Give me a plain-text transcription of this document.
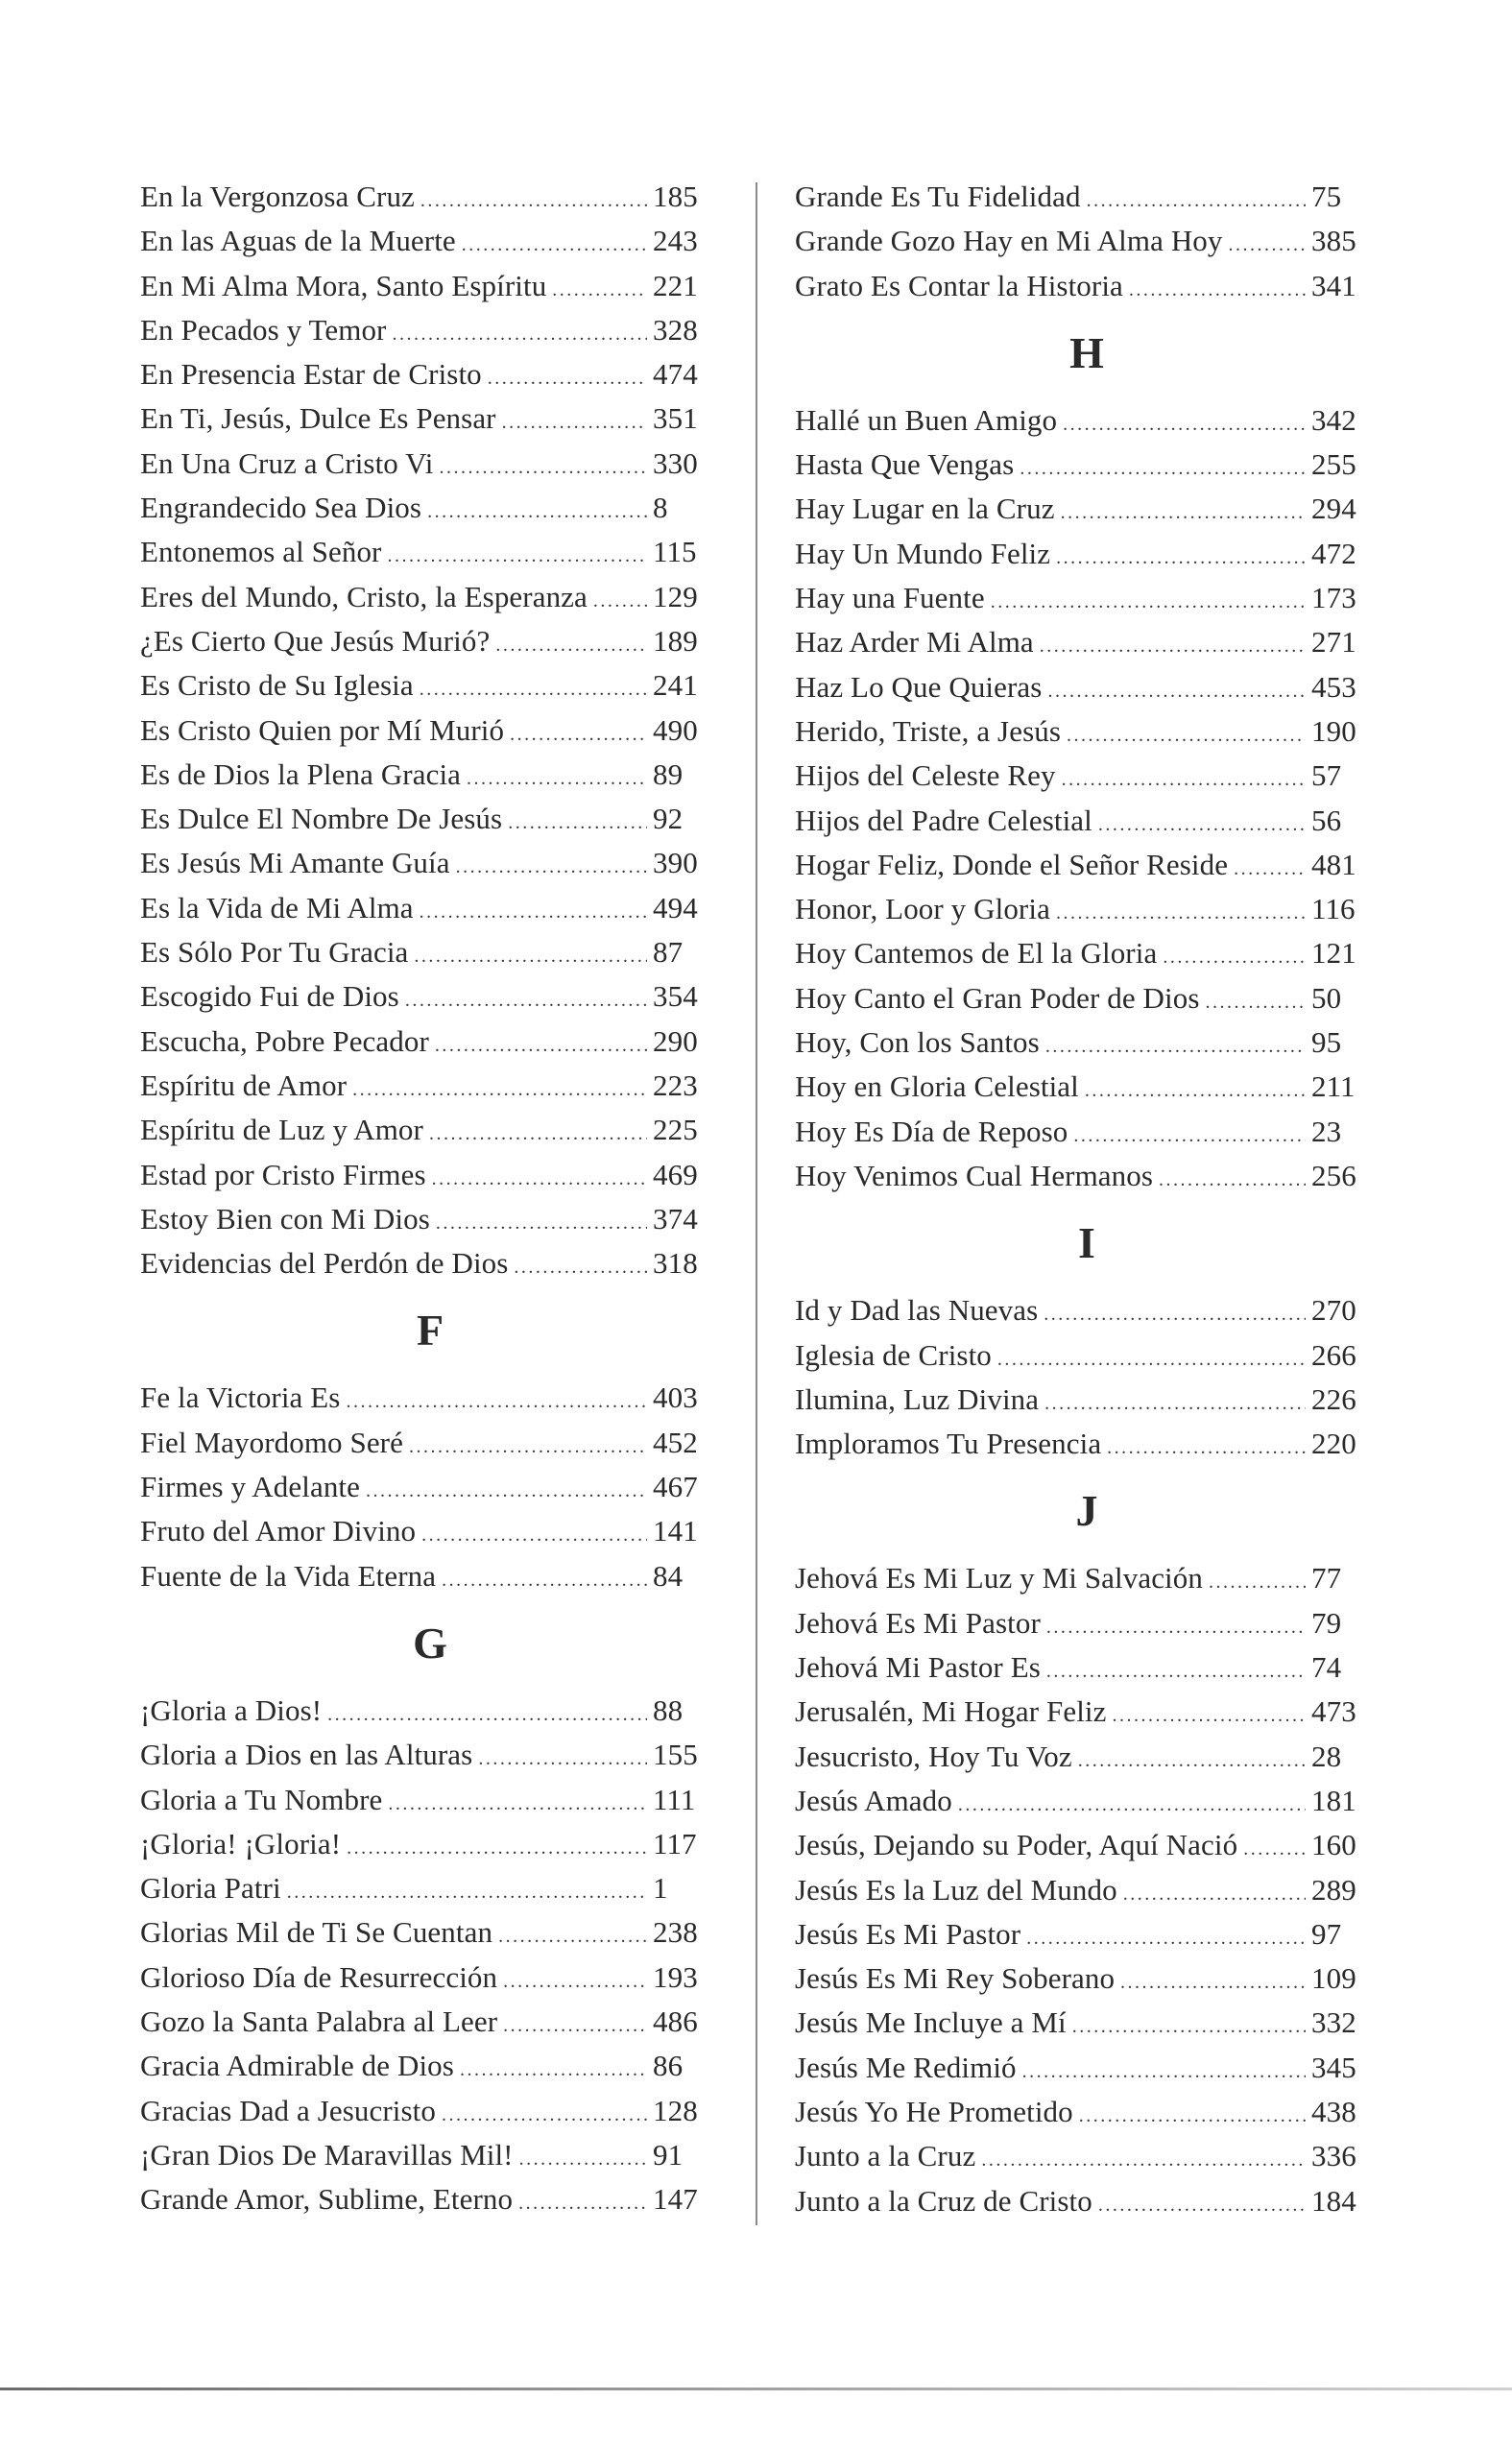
En la Vergonzosa Cruz .....	185
En las Aguas de la Muerte .....	243
En Mi Alma Mora, Santo Espíritu .....	221
En Pecados y Temor .....	328
En Presencia Estar de Cristo .....	474
En Ti, Jesús, Dulce Es Pensar .....	351
En Una Cruz a Cristo Vi .....	330
Engrandecido Sea Dios .....	8
Entonemos al Señor .....	115
Eres del Mundo, Cristo, la Esperanza ..... 129
¿Es Cierto Que Jesús Murió? .....	189
Es Cristo de Su Iglesia .....	241
Es Cristo Quien por Mí Murió .....	490
Es de Dios la Plena Gracia .....	89
Es Dulce El Nombre De Jesús .....	92
Es Jesús Mi Amante Guía .....	390
Es la Vida de Mi Alma .....	494
Es Sólo Por Tu Gracia .....	87
Escogido Fui de Dios .....	354
Escucha, Pobre Pecador .....	290
Espíritu de Amor .....	223
Espíritu de Luz y Amor .....	225
Estad por Cristo Firmes .....	469
Estoy Bien con Mi Dios .....	374
Evidencias del Perdón de Dios .....	318
F
Fe la Victoria Es .....	403
Fiel Mayordomo Seré .....	452
Firmes y Adelante .....	467
Fruto del Amor Divino .....	141
Fuente de la Vida Eterna .....	84
G
¡Gloria a Dios! .....	88
Gloria a Dios en las Alturas .....	155
Gloria a Tu Nombre .....	111
¡Gloria! ¡Gloria! .....	117
Gloria Patri .....	1
Glorias Mil de Ti Se Cuentan .....	238
Glorioso Día de Resurrección .....	193
Gozo la Santa Palabra al Leer .....	486
Gracia Admirable de Dios .....	86
Gracias Dad a Jesucristo .....	128
¡Gran Dios De Maravillas Mil! .....	91
Grande Amor, Sublime, Eterno .....	147
Grande Es Tu Fidelidad .....	75
Grande Gozo Hay en Mi Alma Hoy .....	385
Grato Es Contar la Historia .....	341
H
Hallé un Buen Amigo .....	342
Hasta Que Vengas .....	255
Hay Lugar en la Cruz .....	294
Hay Un Mundo Feliz .....	472
Hay una Fuente .....	173
Haz Arder Mi Alma .....	271
Haz Lo Que Quieras .....	453
Herido, Triste, a Jesús .....	190
Hijos del Celeste Rey .....	57
Hijos del Padre Celestial .....	56
Hogar Feliz, Donde el Señor Reside .....	481
Honor, Loor y Gloria .....	116
Hoy Cantemos de El la Gloria .....	121
Hoy Canto el Gran Poder de Dios .....	50
Hoy, Con los Santos .....	95
Hoy en Gloria Celestial .....	211
Hoy Es Día de Reposo .....	23
Hoy Venimos Cual Hermanos .....	256
I
Id y Dad las Nuevas .....	270
Iglesia de Cristo .....	266
Ilumina, Luz Divina .....	226
Imploramos Tu Presencia .....	220
J
Jehová Es Mi Luz y Mi Salvación .....	77
Jehová Es Mi Pastor .....	79
Jehová Mi Pastor Es .....	74
Jerusalén, Mi Hogar Feliz .....	473
Jesucristo, Hoy Tu Voz .....	28
Jesús Amado .....	181
Jesús, Dejando su Poder, Aquí Nació ..... 160
Jesús Es la Luz del Mundo .....	289
Jesús Es Mi Pastor .....	97
Jesús Es Mi Rey Soberano .....	109
Jesús Me Incluye a Mí .....	332
Jesús Me Redimió .....	345
Jesús Yo He Prometido .....	438
Junto a la Cruz .....	336
Junto a la Cruz de Cristo .....	184
